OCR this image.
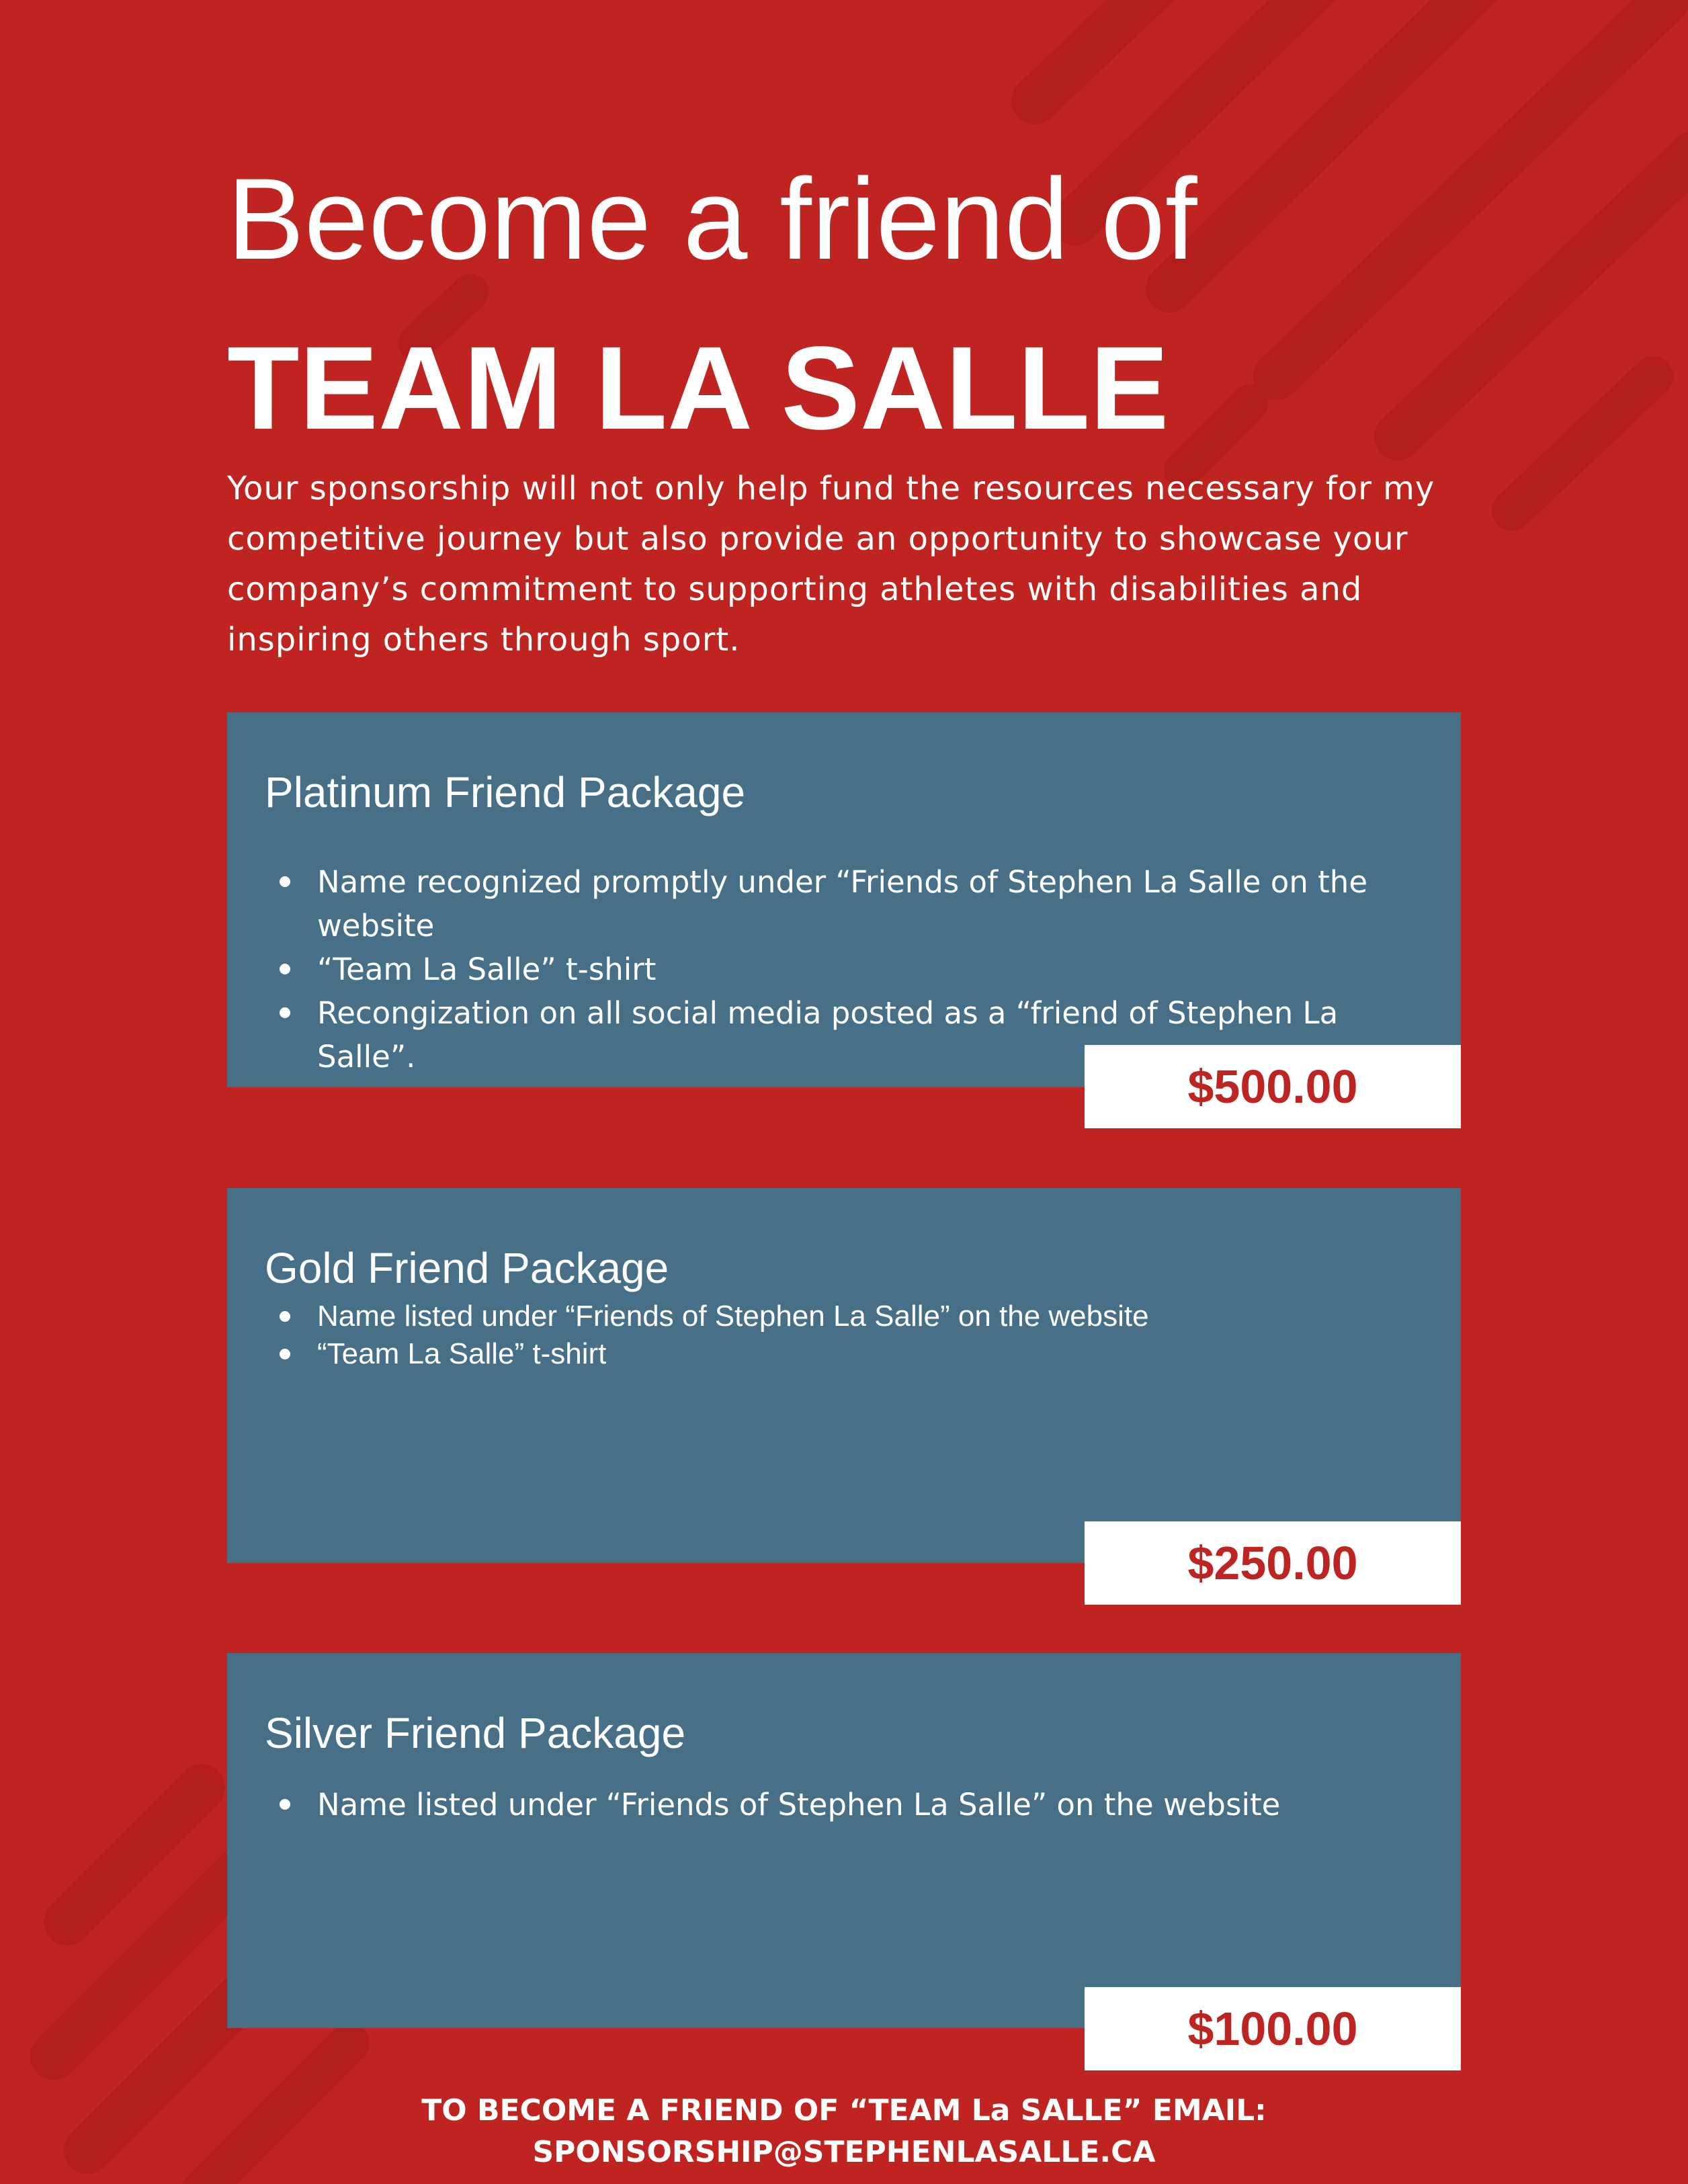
Become a friend of
TEAM LA SALLE

Your sponsorship will not only help fund the resources necessary for my competitive journey but also provide an opportunity to showcase your company’s commitment to supporting athletes with disabilities and inspiring others through sport.

Platinum Friend Package
Name recognized promptly under “Friends of Stephen La Salle on the website
“Team La Salle” t-shirt
Recongization on all social media posted as a “friend of Stephen La Salle”.
$500.00
Gold Friend Package
Name listed under “Friends of Stephen La Salle” on the website
“Team La Salle” t-shirt
$250.00
Silver Friend Package
Name listed under “Friends of Stephen La Salle” on the website
$100.00
TO BECOME A FRIEND OF “TEAM La SALLE” EMAIL:
SPONSORSHIP@STEPHENLASALLE.CA
